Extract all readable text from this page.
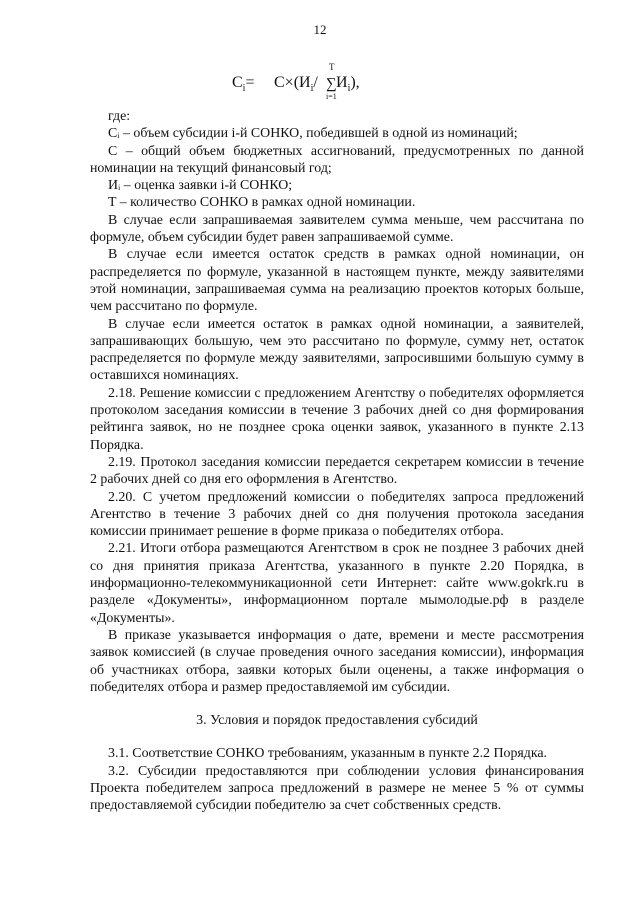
12
$C_i= C\times(И_i/$
T
∑
i=1
$И_i$),

где:

Cᵢ – объем субсидии i-й СОНКО, победившей в одной из номинаций;

C – общий объем бюджетных ассигнований, предусмотренных по данной номинации на текущий финансовый год;

Иᵢ – оценка заявки i-й СОНКО;

T – количество СОНКО в рамках одной номинации.

В случае если запрашиваемая заявителем сумма меньше, чем рассчитана по формуле, объем субсидии будет равен запрашиваемой сумме.

В случае если имеется остаток средств в рамках одной номинации, он распределяется по формуле, указанной в настоящем пункте, между заявителями этой номинации, запрашиваемая сумма на реализацию проектов которых больше, чем рассчитано по формуле.

В случае если имеется остаток в рамках одной номинации, а заявителей, запрашивающих большую, чем это рассчитано по формуле, сумму нет, остаток распределяется по формуле между заявителями, запросившими большую сумму в оставшихся номинациях.

2.18. Решение комиссии с предложением Агентству о победителях оформляется протоколом заседания комиссии в течение 3 рабочих дней со дня формирования рейтинга заявок, но не позднее срока оценки заявок, указанного в пункте 2.13 Порядка.

2.19. Протокол заседания комиссии передается секретарем комиссии в течение 2 рабочих дней со дня его оформления в Агентство.

2.20. С учетом предложений комиссии о победителях запроса предложений Агентство в течение 3 рабочих дней со дня получения протокола заседания комиссии принимает решение в форме приказа о победителях отбора.

2.21. Итоги отбора размещаются Агентством в срок не позднее 3 рабочих дней со дня принятия приказа Агентства, указанного в пункте 2.20 Порядка, в информационно-телекоммуникационной сети Интернет: сайте www.gokrk.ru в разделе «Документы», информационном портале мымолодые.рф в разделе «Документы».

В приказе указывается информация о дате, времени и месте рассмотрения заявок комиссией (в случае проведения очного заседания комиссии), информация об участниках отбора, заявки которых были оценены, а также информация о победителях отбора и размер предоставляемой им субсидии.

3. Условия и порядок предоставления субсидий

3.1. Соответствие СОНКО требованиям, указанным в пункте 2.2 Порядка.

3.2. Субсидии предоставляются при соблюдении условия финансирования Проекта победителем запроса предложений в размере не менее 5 % от суммы предоставляемой субсидии победителю за счет собственных средств.
